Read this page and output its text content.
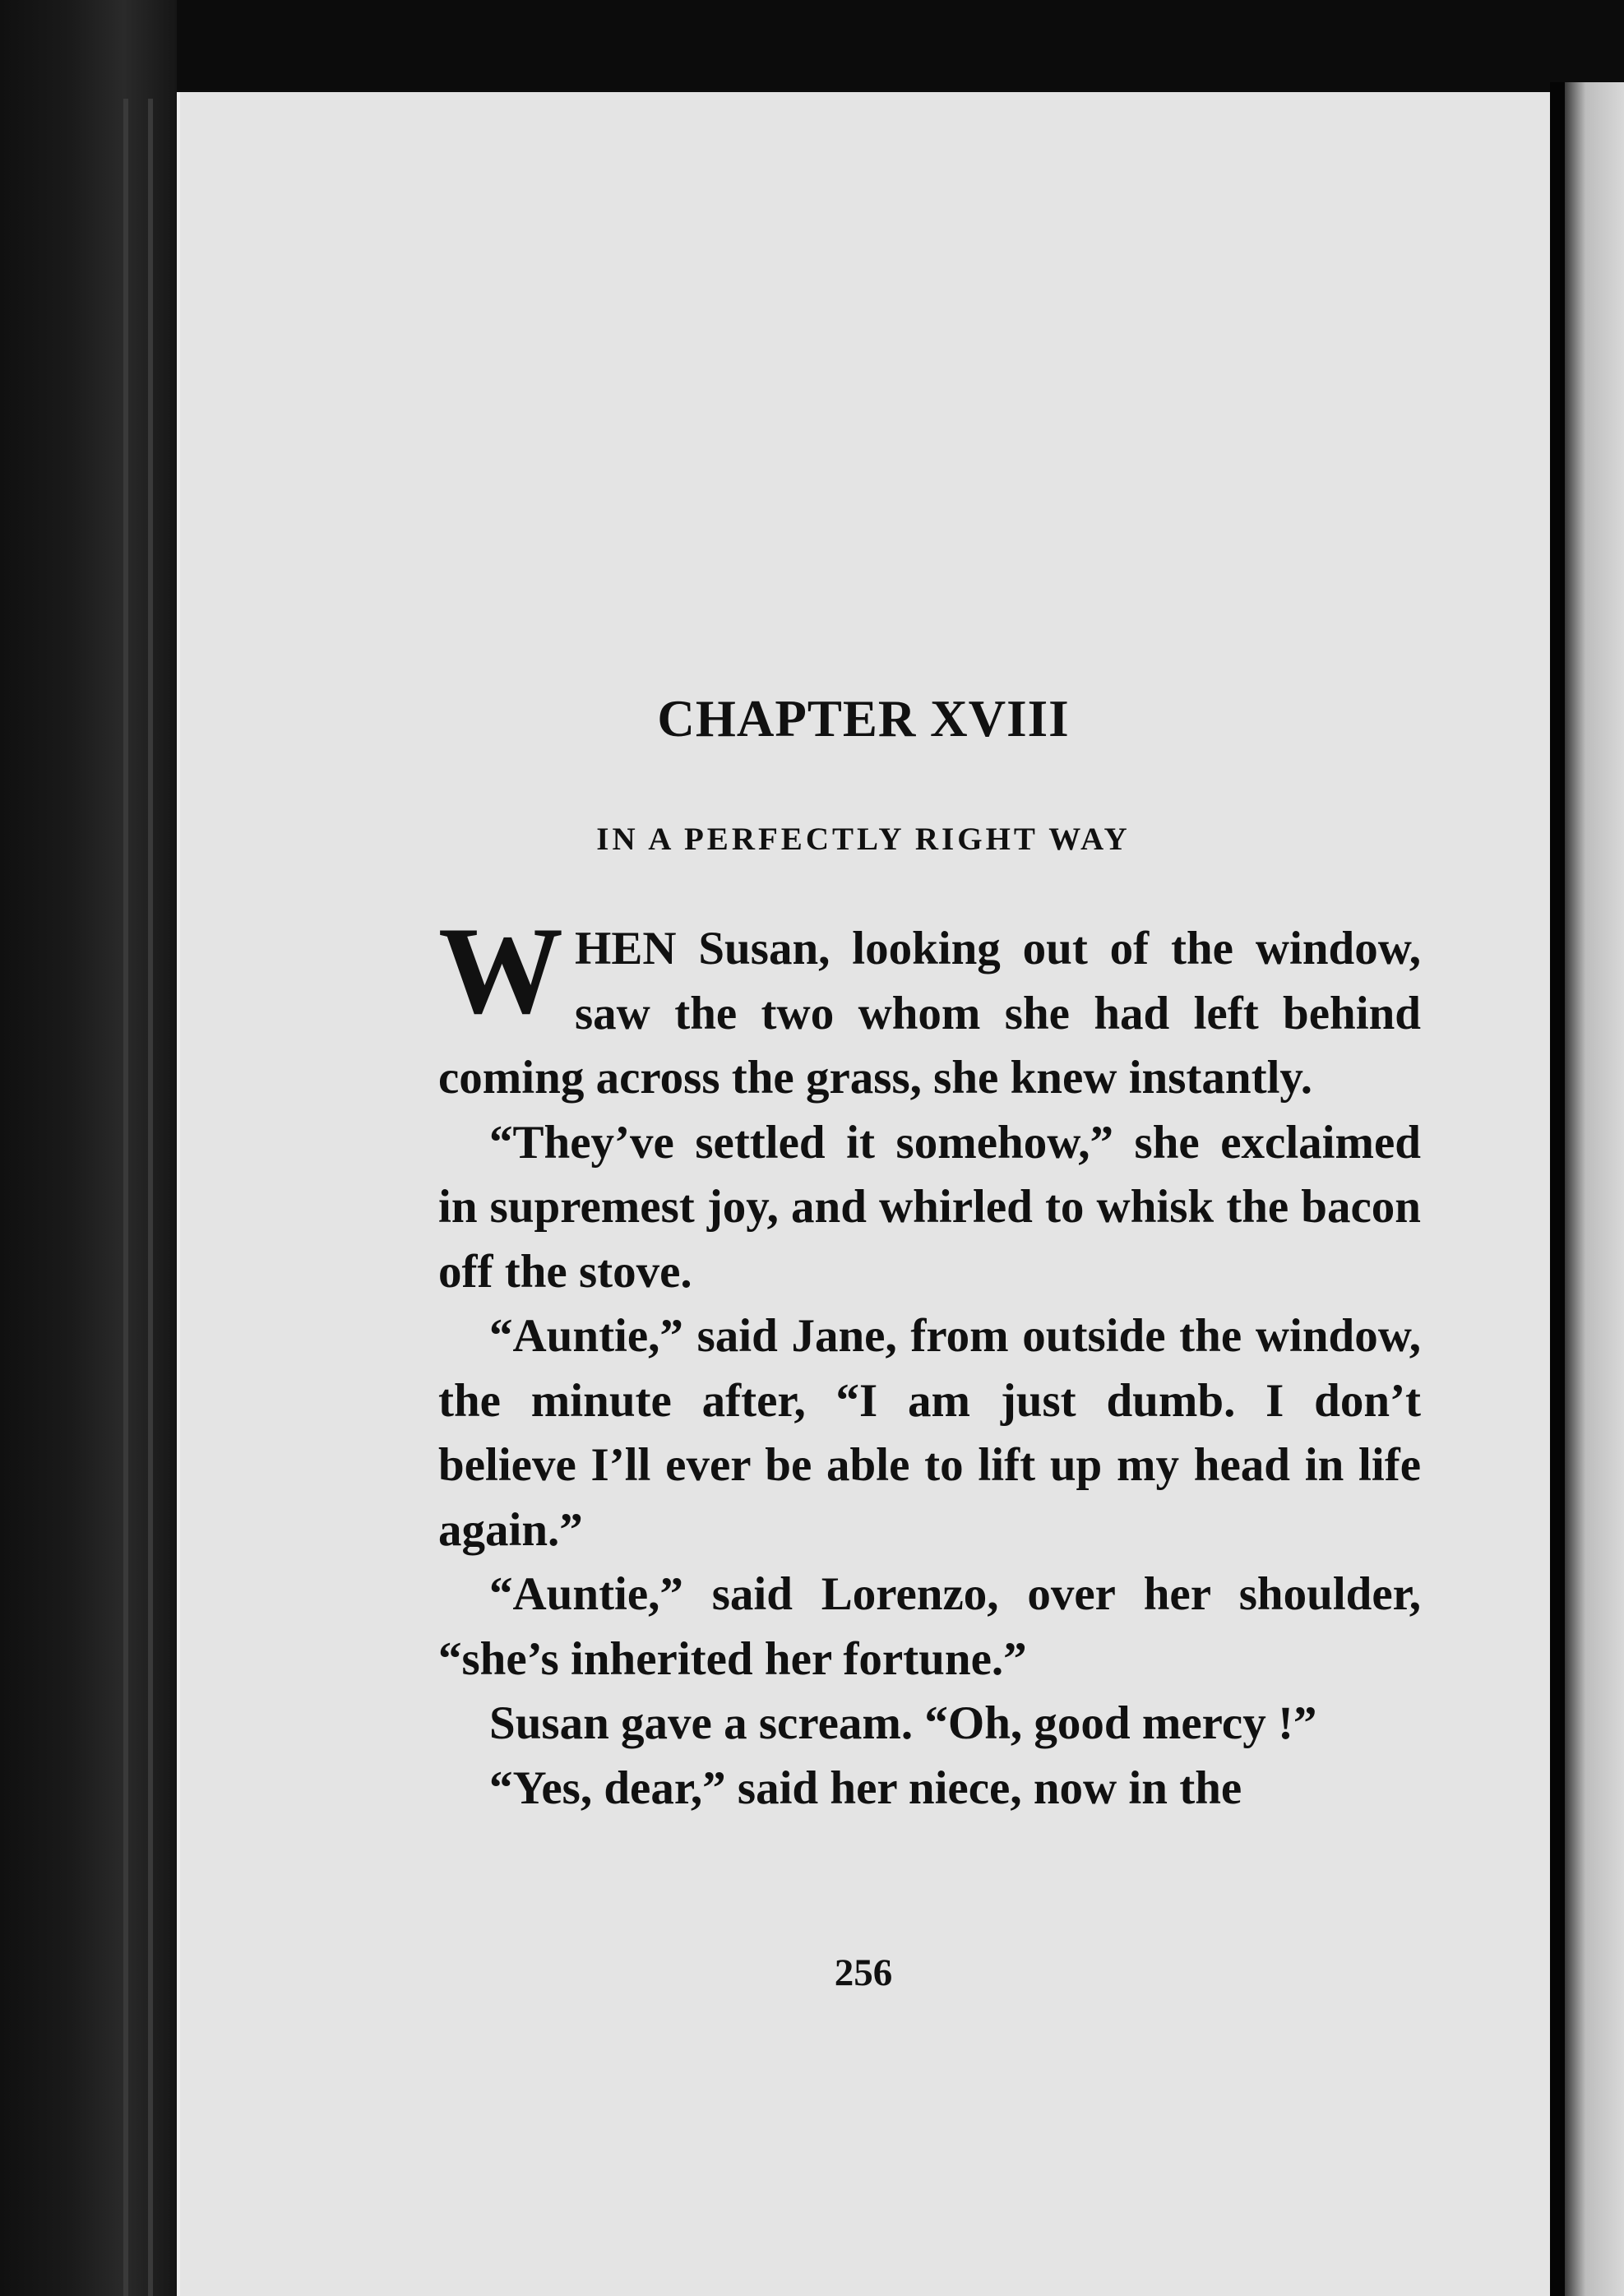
CHAPTER XVIII
IN A PERFECTLY RIGHT WAY

WHEN Susan, looking out of the window, saw the two whom she had left behind coming across the grass, she knew instantly.

“They’ve settled it somehow,” she exclaimed in supremest joy, and whirled to whisk the bacon off the stove.

“Auntie,” said Jane, from outside the window, the minute after, “I am just dumb. I don’t believe I’ll ever be able to lift up my head in life again.”

“Auntie,” said Lorenzo, over her shoulder, “she’s inherited her fortune.”

Susan gave a scream. “Oh, good mercy !”

“Yes, dear,” said her niece, now in the

256
